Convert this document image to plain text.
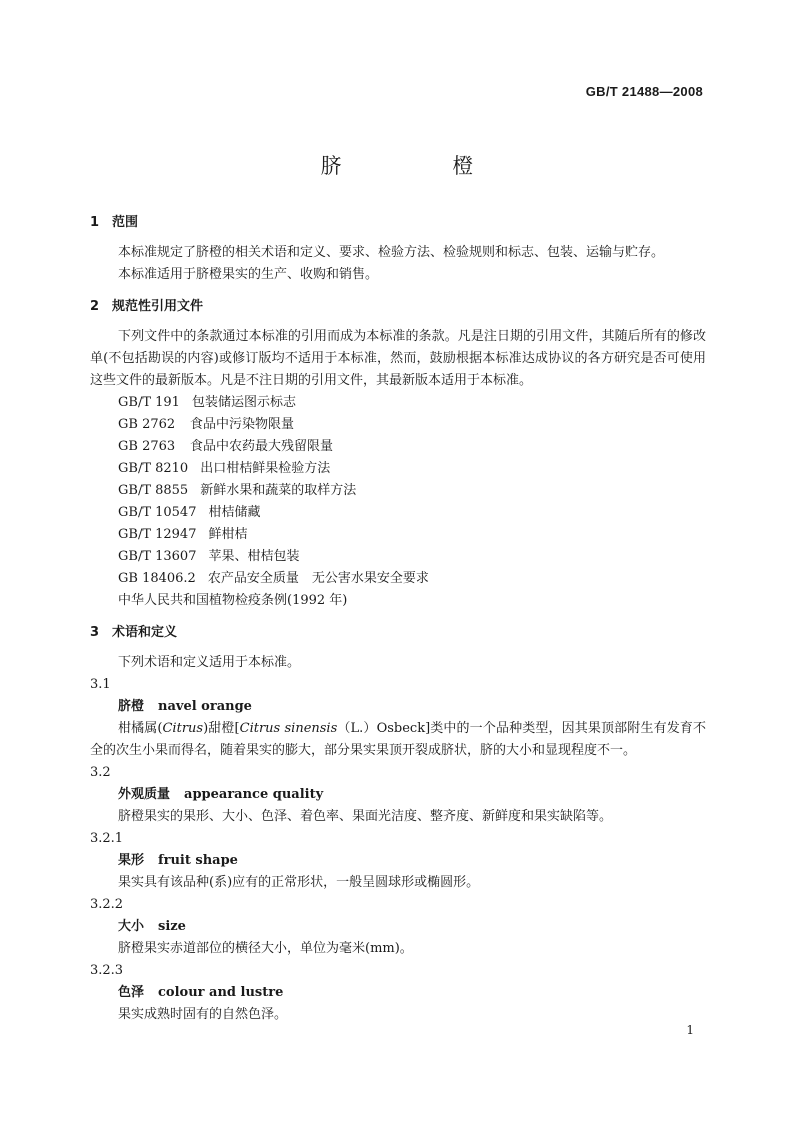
GB/T 21488—2008
脐 橙

1 范围

本标准规定了脐橙的相关术语和定义、要求、检验方法、检验规则和标志、包装、运输与贮存。

本标准适用于脐橙果实的生产、收购和销售。

2 规范性引用文件

下列文件中的条款通过本标准的引用而成为本标准的条款。凡是注日期的引用文件，其随后所有的修改单(不包括勘误的内容)或修订版均不适用于本标准，然而，鼓励根据本标准达成协议的各方研究是否可使用这些文件的最新版本。凡是不注日期的引用文件，其最新版本适用于本标准。

GB/T 191 包装储运图示标志

GB 2762 食品中污染物限量

GB 2763 食品中农药最大残留限量

GB/T 8210 出口柑桔鲜果检验方法

GB/T 8855 新鲜水果和蔬菜的取样方法

GB/T 10547 柑桔储藏

GB/T 12947 鲜柑桔

GB/T 13607 苹果、柑桔包装

GB 18406.2 农产品安全质量　无公害水果安全要求

中华人民共和国植物检疫条例(1992 年)

3 术语和定义

下列术语和定义适用于本标准。

3.1

脐橙 navel orange

柑橘属(Citrus)甜橙[Citrus sinensis（L.）Osbeck]类中的一个品种类型，因其果顶部附生有发育不全的次生小果而得名，随着果实的膨大，部分果实果顶开裂成脐状，脐的大小和显现程度不一。

3.2

外观质量 appearance quality

脐橙果实的果形、大小、色泽、着色率、果面光洁度、整齐度、新鲜度和果实缺陷等。

3.2.1

果形 fruit shape

果实具有该品种(系)应有的正常形状，一般呈圆球形或椭圆形。

3.2.2

大小 size

脐橙果实赤道部位的横径大小，单位为毫米(mm)。

3.2.3

色泽 colour and lustre

果实成熟时固有的自然色泽。

1
